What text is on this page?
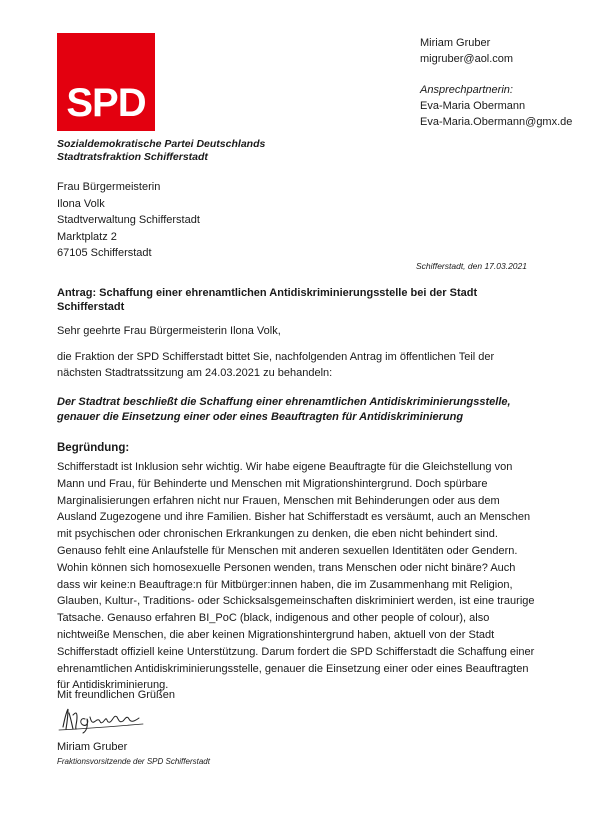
SPD
Sozialdemokratische Partei Deutschlands
Stadtratsfraktion Schifferstadt
Miriam Gruber
migruber@aol.com
Ansprechpartnerin:
Eva-Maria Obermann
Eva-Maria.Obermann@gmx.de
Frau Bürgermeisterin
Ilona Volk
Stadtverwaltung Schifferstadt
Marktplatz 2
67105 Schifferstadt
Schifferstadt, den 17.03.2021

Antrag: Schaffung einer ehrenamtlichen Antidiskriminierungsstelle bei der Stadt Schifferstadt

Sehr geehrte Frau Bürgermeisterin Ilona Volk,

die Fraktion der SPD Schifferstadt bittet Sie, nachfolgenden Antrag im öffentlichen Teil der nächsten Stadtratssitzung am 24.03.2021 zu behandeln:

Der Stadtrat beschließt die Schaffung einer ehrenamtlichen Antidiskriminierungsstelle, genauer die Einsetzung einer oder eines Beauftragten für Antidiskriminierung

Begründung:

Schifferstadt ist Inklusion sehr wichtig. Wir habe eigene Beauftragte für die Gleichstellung von Mann und Frau, für Behinderte und Menschen mit Migrationshintergrund. Doch spürbare Marginalisierungen erfahren nicht nur Frauen, Menschen mit Behinderungen oder aus dem Ausland Zugezogene und ihre Familien. Bisher hat Schifferstadt es versäumt, auch an Menschen mit psychischen oder chronischen Erkrankungen zu denken, die eben nicht behindert sind. Genauso fehlt eine Anlaufstelle für Menschen mit anderen sexuellen Identitäten oder Gendern. Wohin können sich homosexuelle Personen wenden, trans Menschen oder nicht binäre? Auch dass wir keine:n Beauftrage:n für Mitbürger:innen haben, die im Zusammenhang mit Religion, Glauben, Kultur-, Traditions- oder Schicksalsgemeinschaften diskriminiert werden, ist eine traurige Tatsache. Genauso erfahren BI_PoC (black, indigenous and other people of colour), also nichtweiße Menschen, die aber keinen Migrationshintergrund haben, aktuell von der Stadt Schifferstadt offiziell keine Unterstützung. Darum fordert die SPD Schifferstadt die Schaffung einer ehrenamtlichen Antidiskriminierungsstelle, genauer die Einsetzung einer oder eines Beauftragten für Antidiskriminierung.

Mit freundlichen Grüßen

Miriam Gruber
Fraktionsvorsitzende der SPD Schifferstadt
